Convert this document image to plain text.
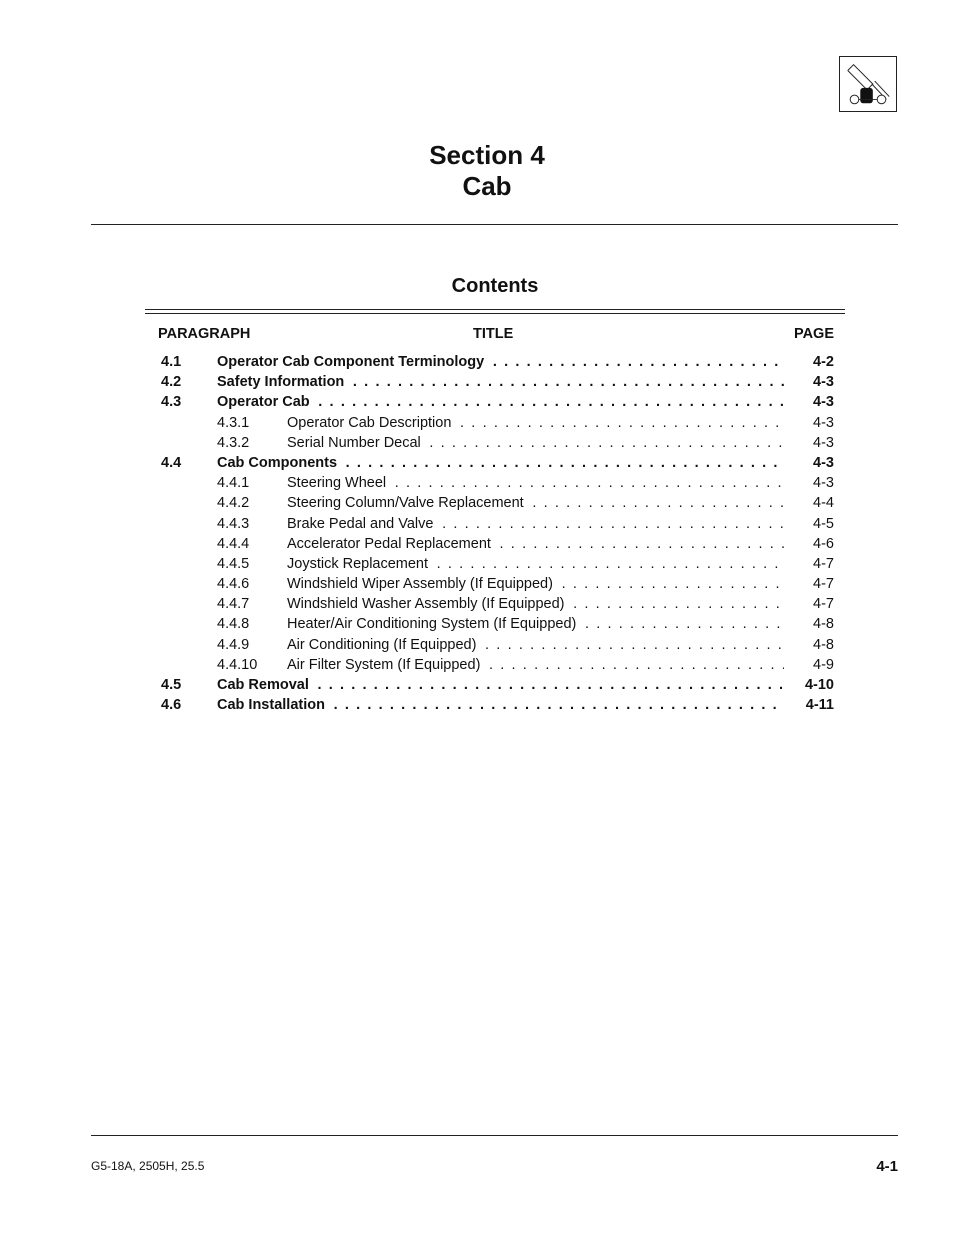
Section 4
Cab
Contents
PARAGRAPH	TITLE	PAGE
4.1 Operator Cab Component Terminology . . .	4-2
4.2 Safety Information . . .	4-3
4.3 Operator Cab . . .	4-3
4.3.1	Operator Cab Description . . .	4-3
4.3.2	Serial Number Decal . . .	4-3
4.4 Cab Components . . .	4-3
4.4.1	Steering Wheel . . .	4-3
4.4.2	Steering Column/Valve Replacement . . .	4-4
4.4.3	Brake Pedal and Valve . . .	4-5
4.4.4	Accelerator Pedal Replacement . . .	4-6
4.4.5	Joystick Replacement . . .	4-7
4.4.6	Windshield Wiper Assembly (If Equipped) . . .	4-7
4.4.7	Windshield Washer Assembly (If Equipped) . . .	4-7
4.4.8	Heater/Air Conditioning System (If Equipped) . . .	4-8
4.4.9	Air Conditioning (If Equipped) . . .	4-8
4.4.10 Air Filter System (If Equipped) . . .	4-9
4.5 Cab Removal . . .	4-10
4.6 Cab Installation . . .	4-11
G5-18A, 2505H, 25.5	4-1
